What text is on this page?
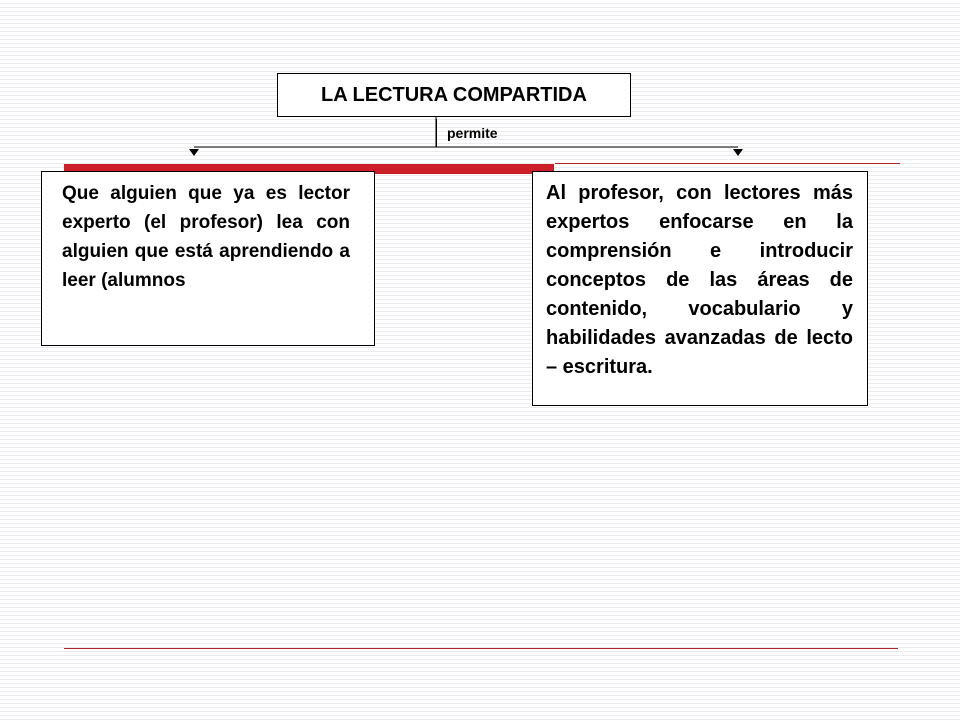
LA LECTURA COMPARTIDA
permite
Que alguien que ya es lector experto (el profesor) lea con alguien que está aprendiendo a leer (alumnos
Al profesor, con lectores más expertos enfocarse en la comprensión e introducir conceptos de las áreas de contenido, vocabulario y habilidades avanzadas de lecto – escritura.
